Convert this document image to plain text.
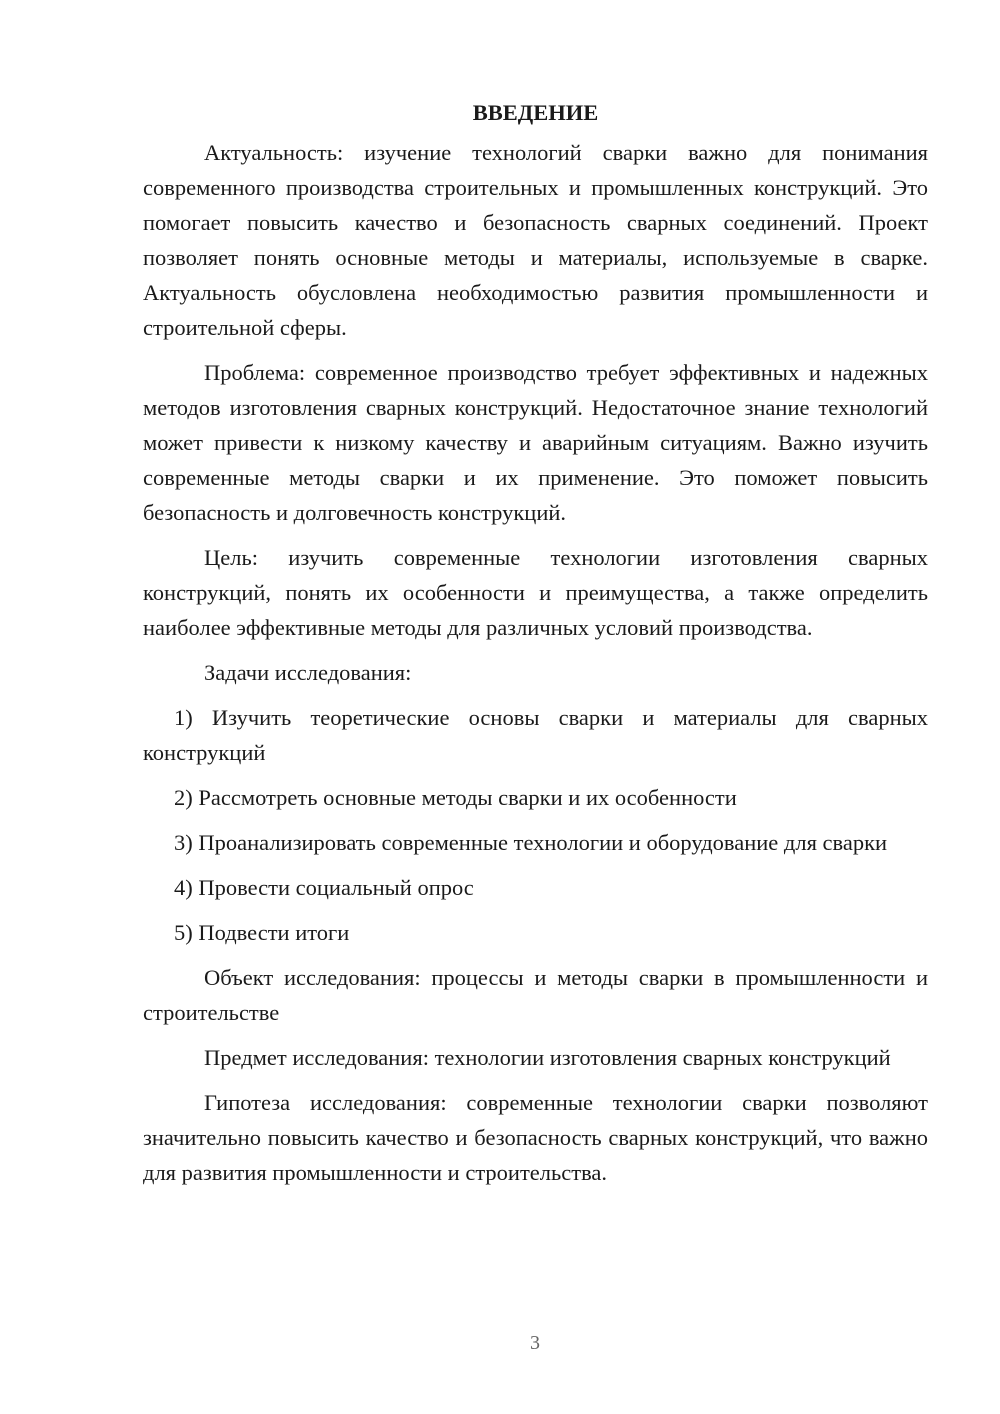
ВВЕДЕНИЕ

Актуальность: изучение технологий сварки важно для понимания современного производства строительных и промышленных конструкций. Это помогает повысить качество и безопасность сварных соединений. Проект позволяет понять основные методы и материалы, используемые в сварке. Актуальность обусловлена необходимостью развития промышленности и строительной сферы.

Проблема: современное производство требует эффективных и надежных методов изготовления сварных конструкций. Недостаточное знание технологий может привести к низкому качеству и аварийным ситуациям. Важно изучить современные методы сварки и их применение. Это поможет повысить безопасность и долговечность конструкций.

Цель: изучить современные технологии изготовления сварных конструкций, понять их особенности и преимущества, а также определить наиболее эффективные методы для различных условий производства.

Задачи исследования:

1) Изучить теоретические основы сварки и материалы для сварных конструкций

2) Рассмотреть основные методы сварки и их особенности

3) Проанализировать современные технологии и оборудование для сварки

4) Провести социальный опрос

5) Подвести итоги

Объект исследования: процессы и методы сварки в промышленности и строительстве

Предмет исследования: технологии изготовления сварных конструкций

Гипотеза исследования: современные технологии сварки позволяют значительно повысить качество и безопасность сварных конструкций, что важно для развития промышленности и строительства.

3
